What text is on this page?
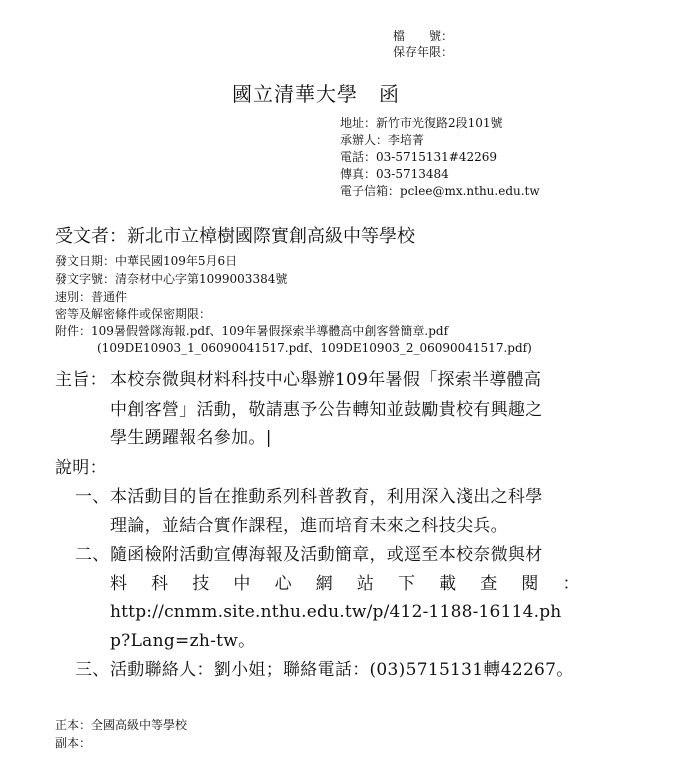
檔　　號：
保存年限：
國立清華大學　函
地址：新竹市光復路2段101號
承辦人：李培菁
電話：03-5715131#42269
傳真：03-5713484
電子信箱：pclee@mx.nthu.edu.tw
受文者：新北市立樟樹國際實創高級中等學校
發文日期：中華民國109年5月6日
發文字號：清奈材中心字第1099003384號
速別：普通件
密等及解密條件或保密期限：
附件：109暑假營隊海報.pdf、109年暑假探索半導體高中創客營簡章.pdf
(109DE10903_1_06090041517.pdf、109DE10903_2_06090041517.pdf)
主旨： 本校奈微與材料科技中心舉辦109年暑假「探索半導體高
中創客營」活動，敬請惠予公告轉知並鼓勵貴校有興趣之
學生踴躍報名參加。|
說明：
一、 本活動目的旨在推動系列科普教育，利用深入淺出之科學
理論，並結合實作課程，進而培育未來之科技尖兵。
二、 隨函檢附活動宣傳海報及活動簡章，或逕至本校奈微與材
料 科 技 中 心 網 站 下 載 查 閱 ：
http://cnmm.site.nthu.edu.tw/p/412-1188-16114.ph
p?Lang=zh-tw。
三、 活動聯絡人：劉小姐；聯絡電話：(03)5715131轉42267。
正本：全國高級中等學校
副本：
